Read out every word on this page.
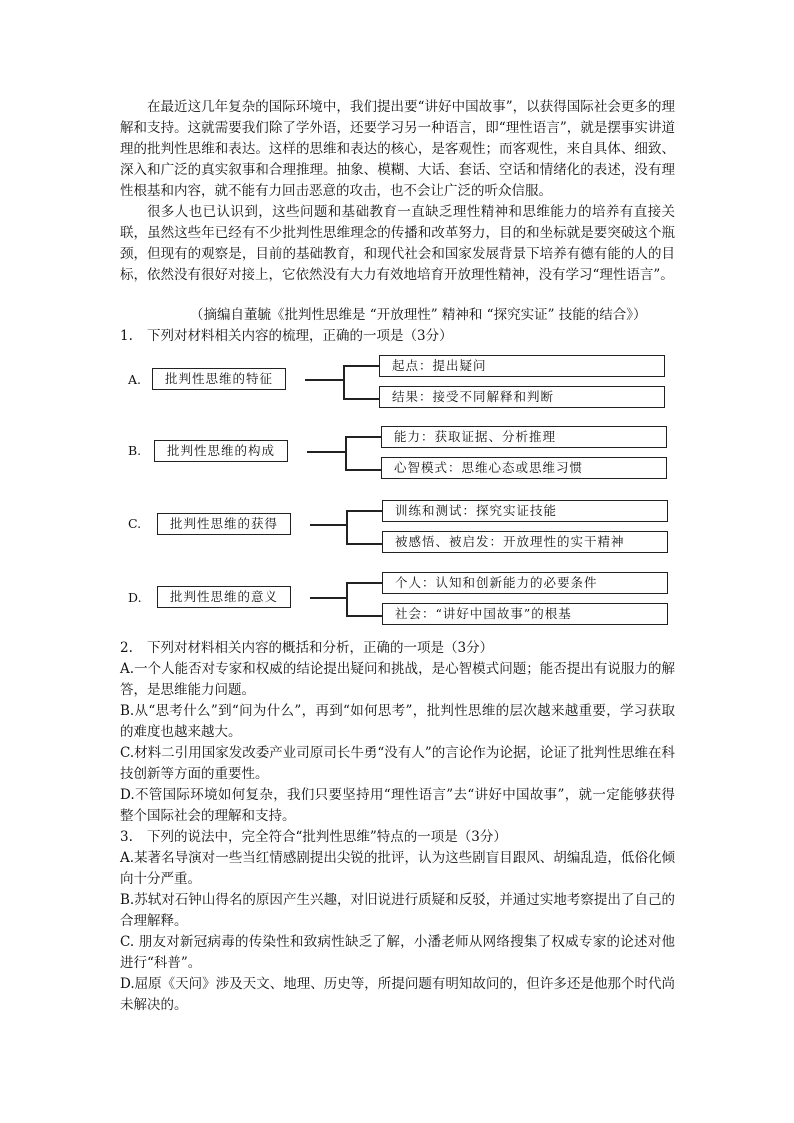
在最近这几年复杂的国际环境中，我们提出要“讲好中国故事”，以获得国际社会更多的理解和支持。这就需要我们除了学外语，还要学习另一种语言，即“理性语言”，就是摆事实讲道理的批判性思维和表达。这样的思维和表达的核心，是客观性；而客观性，来自具体、细致、深入和广泛的真实叙事和合理推理。抽象、模糊、大话、套话、空话和情绪化的表述，没有理性根基和内容，就不能有力回击恶意的攻击，也不会让广泛的听众信服。

很多人也已认识到，这些问题和基础教育一直缺乏理性精神和思维能力的培养有直接关联，虽然这些年已经有不少批判性思维理念的传播和改革努力，目的和坐标就是要突破这个瓶颈，但现有的观察是，目前的基础教育，和现代社会和国家发展背景下培养有德有能的人的目标，依然没有很好对接上，它依然没有大力有效地培育开放理性精神，没有学习“理性语言”。

（摘编自董毓《批判性思维是 “开放理性” 精神和 “探究实证” 技能的结合》）

1. 下列对材料相关内容的梳理，正确的一项是（3分）

A.	批判性思维的特征
起点：提出疑问
结果：接受不同解释和判断
B.	批判性思维的构成
能力：获取证据、分析推理
心智模式：思维心态或思维习惯
C.	批判性思维的获得
训练和测试：探究实证技能
被感悟、被启发：开放理性的实干精神
D.	批判性思维的意义
个人：认知和创新能力的必要条件
社会：“讲好中国故事”的根基

2. 下列对材料相关内容的概括和分析，正确的一项是（3分）

A.一个人能否对专家和权威的结论提出疑问和挑战，是心智模式问题；能否提出有说服力的解答，是思维能力问题。

B.从“思考什么”到“问为什么”，再到“如何思考”，批判性思维的层次越来越重要，学习获取的难度也越来越大。

C.材料二引用国家发改委产业司原司长牛勇“没有人”的言论作为论据，论证了批判性思维在科技创新等方面的重要性。

D.不管国际环境如何复杂，我们只要坚持用“理性语言”去“讲好中国故事”，就一定能够获得整个国际社会的理解和支持。

3. 下列的说法中，完全符合“批判性思维”特点的一项是（3分）

A.某著名导演对一些当红情感剧提出尖锐的批评，认为这些剧盲目跟风、胡编乱造，低俗化倾向十分严重。

B.苏轼对石钟山得名的原因产生兴趣，对旧说进行质疑和反驳，并通过实地考察提出了自己的合理解释。

C. 朋友对新冠病毒的传染性和致病性缺乏了解，小潘老师从网络搜集了权威专家的论述对他进行“科普”。

D.屈原《天问》涉及天文、地理、历史等，所提问题有明知故问的，但许多还是他那个时代尚未解决的。
